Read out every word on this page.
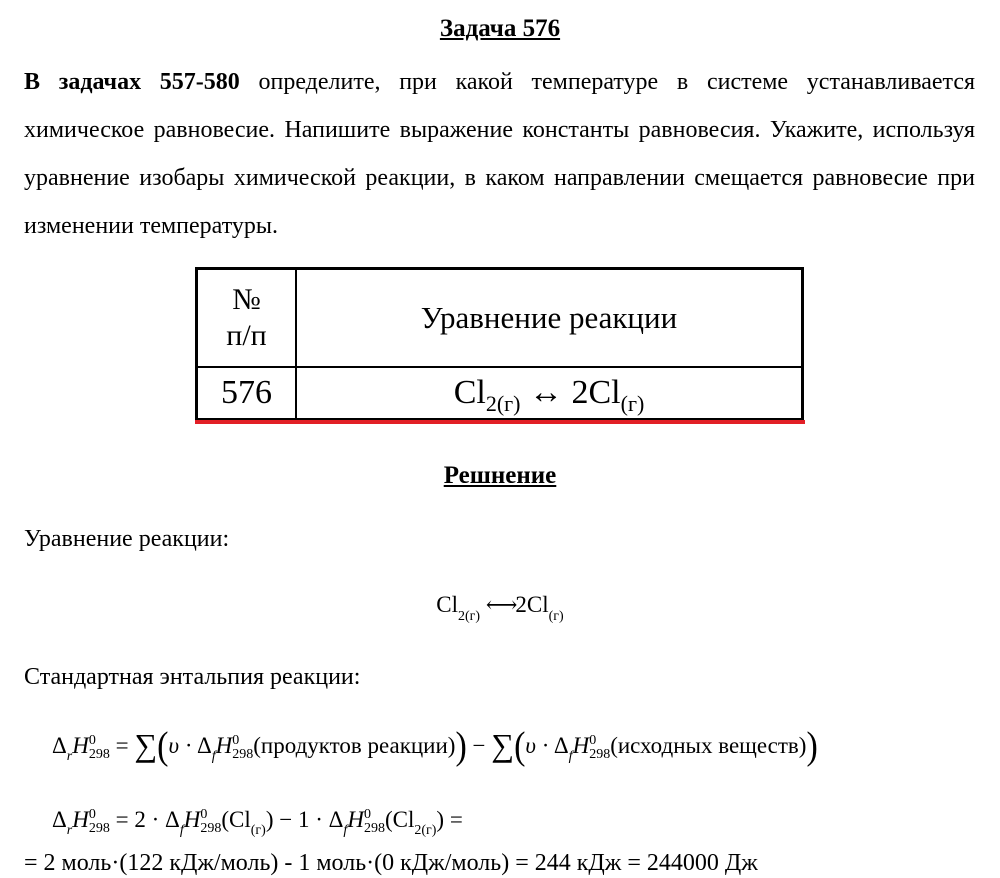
Задача 576
В задачах 557-580 определите, при какой температуре в системе устанавливается химическое равновесие. Напишите выражение константы равновесия. Укажите, используя уравнение изобары химической реакции, в каком направлении смещается равновесие при изменении температуры.
№
п/п	Уравнение реакции
576	$Cl_{2(г)}$ ↔ $2Cl_{(г)}$
Решнение
Уравнение реакции:
$Cl_{2(г)}$ $⟷2Cl_{(г)}$
Стандартная энтальпия реакции:
$\Delta_rH$ 0
$298 = \sum(\upsilon \cdot \Delta_fH$ 0
298 (продуктов реакции)) − $\sum(\upsilon \cdot \Delta_fH$ 0
298 (исходных веществ))
$\Delta_rH$ 0
$298 = 2 \cdot \Delta_fH$ 0
298 $(Cl_{(г)}) - 1 \cdot \Delta_fH$ 0
298 $(Cl_{2(г)})$ =
= 2 моль·(122 кДж/моль) - 1 моль·(0 кДж/моль) = 244 кДж = 244000 Дж
